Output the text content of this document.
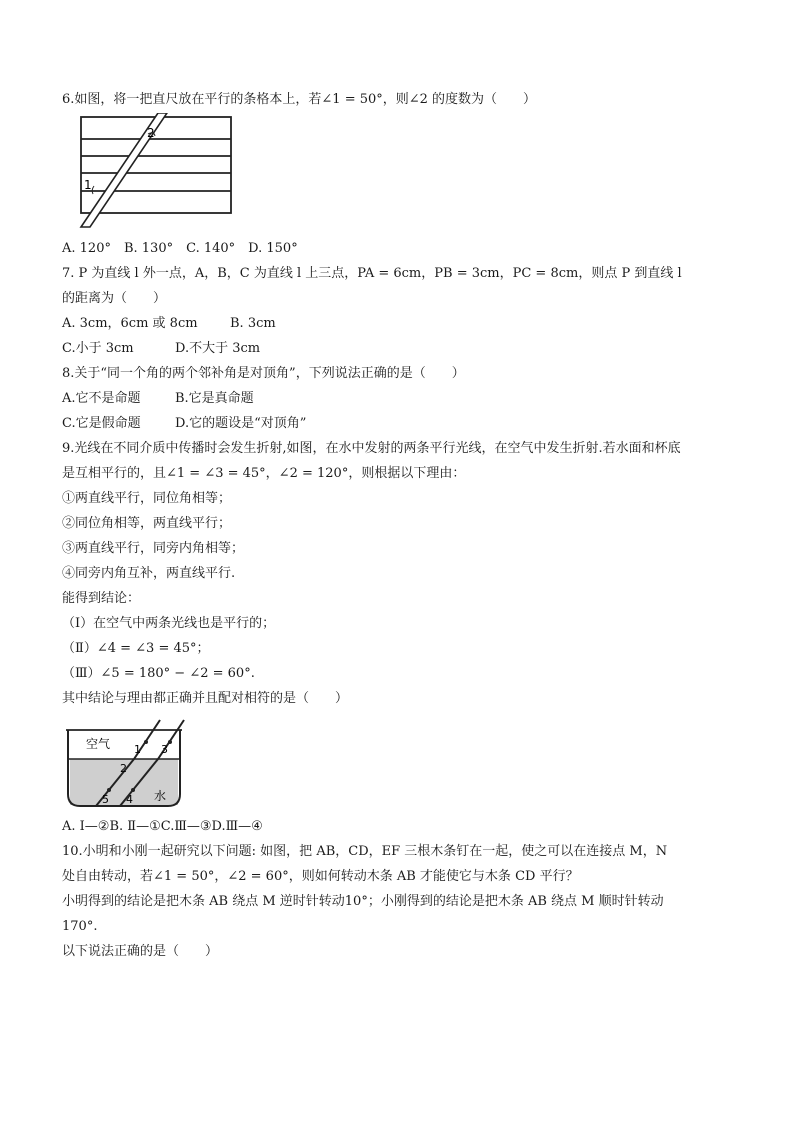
6.如图，将一把直尺放在平行的条格本上，若∠1 = 50°，则∠2 的度数为（　　）
2
1
A. 120°　B. 130°　C. 140°　D. 150°
7. P 为直线 l 外一点，A，B，C 为直线 l 上三点，PA = 6cm，PB = 3cm，PC = 8cm，则点 P 到直线 l
的距离为（　　）
A. 3cm，6cm 或 8cm B. 3cm
C.小于 3cm	D.不大于 3cm
8.关于“同一个角的两个邻补角是对顶角”，下列说法正确的是（　　）
A.它不是命题	B.它是真命题
C.它是假命题	D.它的题设是“对顶角”
9.光线在不同介质中传播时会发生折射,如图，在水中发射的两条平行光线，在空气中发生折射.若水面和杯底
是互相平行的，且∠1 = ∠3 = 45°，∠2 = 120°，则根据以下理由：
①两直线平行，同位角相等；
②同位角相等，两直线平行；
③两直线平行，同旁内角相等；
④同旁内角互补，两直线平行.
能得到结论：
（Ⅰ）在空气中两条光线也是平行的；
（Ⅱ）∠4 = ∠3 = 45°；
（Ⅲ）∠5 = 180° − ∠2 = 60°.
其中结论与理由都正确并且配对相符的是（　　）
空气
水
1
2
3
4
5
A. Ⅰ—②B. Ⅱ—①C.Ⅲ—③D.Ⅲ—④
10.小明和小刚一起研究以下问题: 如图，把 AB，CD，EF 三根木条钉在一起，使之可以在连接点 M，N
处自由转动，若∠1 = 50°，∠2 = 60°，则如何转动木条 AB 才能使它与木条 CD 平行？
小明得到的结论是把木条 AB 绕点 M 逆时针转动10°；小刚得到的结论是把木条 AB 绕点 M 顺时针转动
170°.
以下说法正确的是（　　）
